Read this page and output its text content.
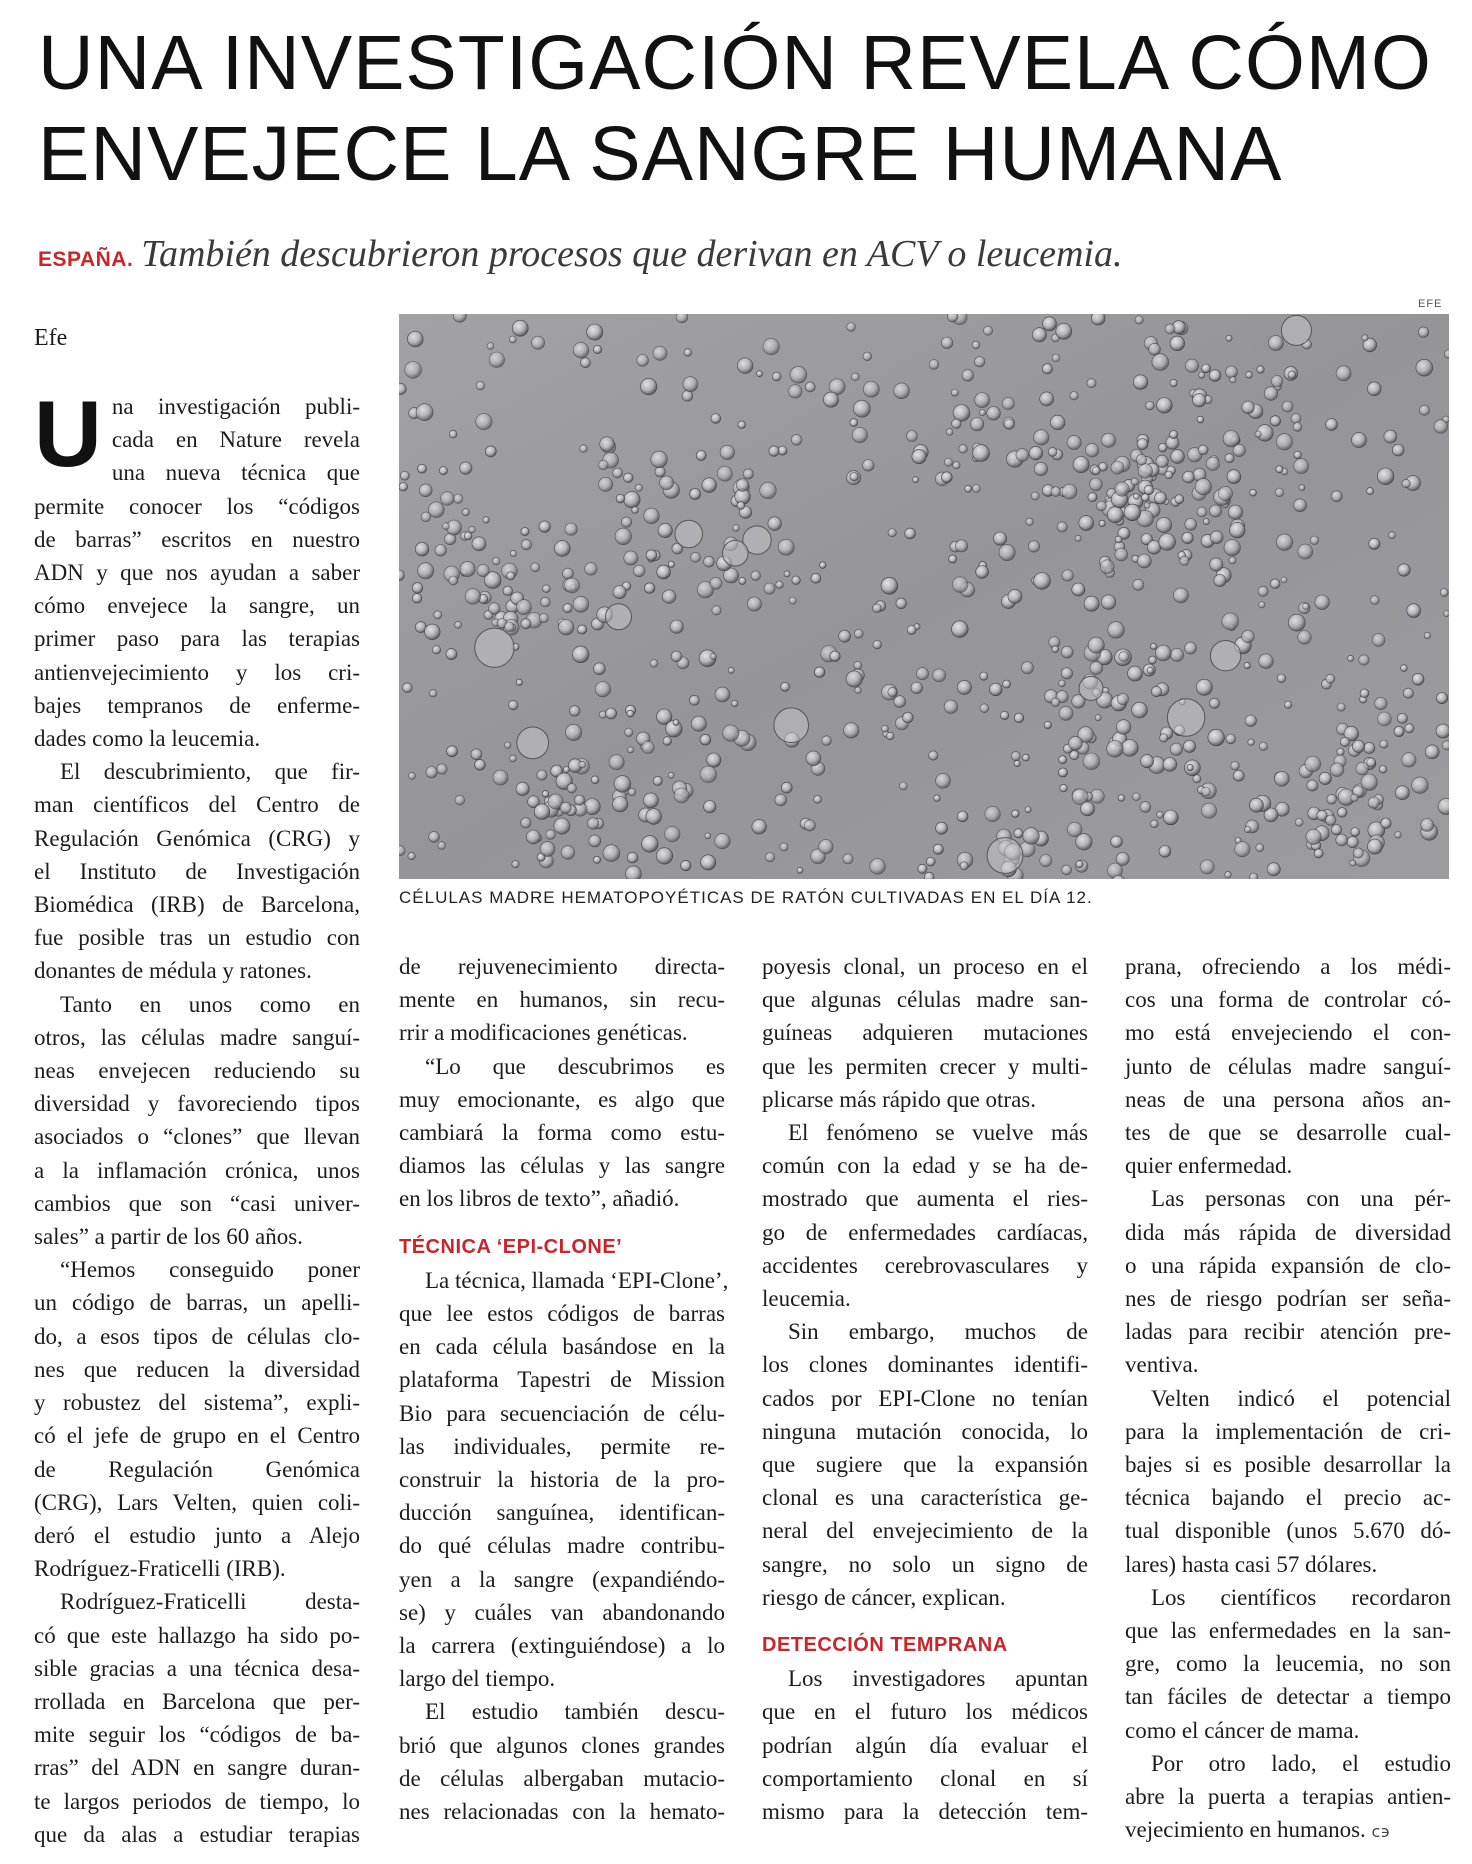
UNA INVESTIGACIÓN REVELA CÓMO
ENVEJECE LA SANGRE HUMANA
ESPAÑA. También descubrieron procesos que derivan en ACV o leucemia.
Efe
EFE
CÉLULAS MADRE HEMATOPOYÉTICAS DE RATÓN CULTIVADAS EN EL DÍA 12.

U na investigación publi-
cada en Nature revela
una nueva técnica que
permite conocer los “códigos
de barras” escritos en nuestro
ADN y que nos ayudan a saber
cómo envejece la sangre, un
primer paso para las terapias
antienvejecimiento y los cri-
bajes tempranos de enferme-
dades como la leucemia.

El descubrimiento, que fir-
man científicos del Centro de
Regulación Genómica (CRG) y
el Instituto de Investigación
Biomédica (IRB) de Barcelona,
fue posible tras un estudio con
donantes de médula y ratones.

Tanto en unos como en
otros, las células madre sanguí-
neas envejecen reduciendo su
diversidad y favoreciendo tipos
asociados o “clones” que llevan
a la inflamación crónica, unos
cambios que son “casi univer-
sales” a partir de los 60 años.

“Hemos conseguido poner
un código de barras, un apelli-
do, a esos tipos de células clo-
nes que reducen la diversidad
y robustez del sistema”, expli-
có el jefe de grupo en el Centro
de Regulación Genómica
(CRG), Lars Velten, quien coli-
deró el estudio junto a Alejo
Rodríguez-Fraticelli (IRB).

Rodríguez-Fraticelli desta-
có que este hallazgo ha sido po-
sible gracias a una técnica desa-
rrollada en Barcelona que per-
mite seguir los “códigos de ba-
rras” del ADN en sangre duran-
te largos periodos de tiempo, lo
que da alas a estudiar terapias

de rejuvenecimiento directa-
mente en humanos, sin recu-
rrir a modificaciones genéticas.

“Lo que descubrimos es
muy emocionante, es algo que
cambiará la forma como estu-
diamos las células y las sangre
en los libros de texto”, añadió.

TÉCNICA ‘EPI-CLONE’

La técnica, llamada ‘EPI-Clone’,
que lee estos códigos de barras
en cada célula basándose en la
plataforma Tapestri de Mission
Bio para secuenciación de célu-
las individuales, permite re-
construir la historia de la pro-
ducción sanguínea, identifican-
do qué células madre contribu-
yen a la sangre (expandiéndo-
se) y cuáles van abandonando
la carrera (extinguiéndose) a lo
largo del tiempo.

El estudio también descu-
brió que algunos clones grandes
de células albergaban mutacio-
nes relacionadas con la hemato-

poyesis clonal, un proceso en el
que algunas células madre san-
guíneas adquieren mutaciones
que les permiten crecer y multi-
plicarse más rápido que otras.

El fenómeno se vuelve más
común con la edad y se ha de-
mostrado que aumenta el ries-
go de enfermedades cardíacas,
accidentes cerebrovasculares y
leucemia.

Sin embargo, muchos de
los clones dominantes identifi-
cados por EPI-Clone no tenían
ninguna mutación conocida, lo
que sugiere que la expansión
clonal es una característica ge-
neral del envejecimiento de la
sangre, no solo un signo de
riesgo de cáncer, explican.

DETECCIÓN TEMPRANA

Los investigadores apuntan
que en el futuro los médicos
podrían algún día evaluar el
comportamiento clonal en sí
mismo para la detección tem-

prana, ofreciendo a los médi-
cos una forma de controlar có-
mo está envejeciendo el con-
junto de células madre sanguí-
neas de una persona años an-
tes de que se desarrolle cual-
quier enfermedad.

Las personas con una pér-
dida más rápida de diversidad
o una rápida expansión de clo-
nes de riesgo podrían ser seña-
ladas para recibir atención pre-
ventiva.

Velten indicó el potencial
para la implementación de cri-
bajes si es posible desarrollar la
técnica bajando el precio ac-
tual disponible (unos 5.670 dó-
lares) hasta casi 57 dólares.

Los científicos recordaron
que las enfermedades en la san-
gre, como la leucemia, no son
tan fáciles de detectar a tiempo
como el cáncer de mama.

Por otro lado, el estudio
abre la puerta a terapias antien-
vejecimiento en humanos. ᴄ϶
